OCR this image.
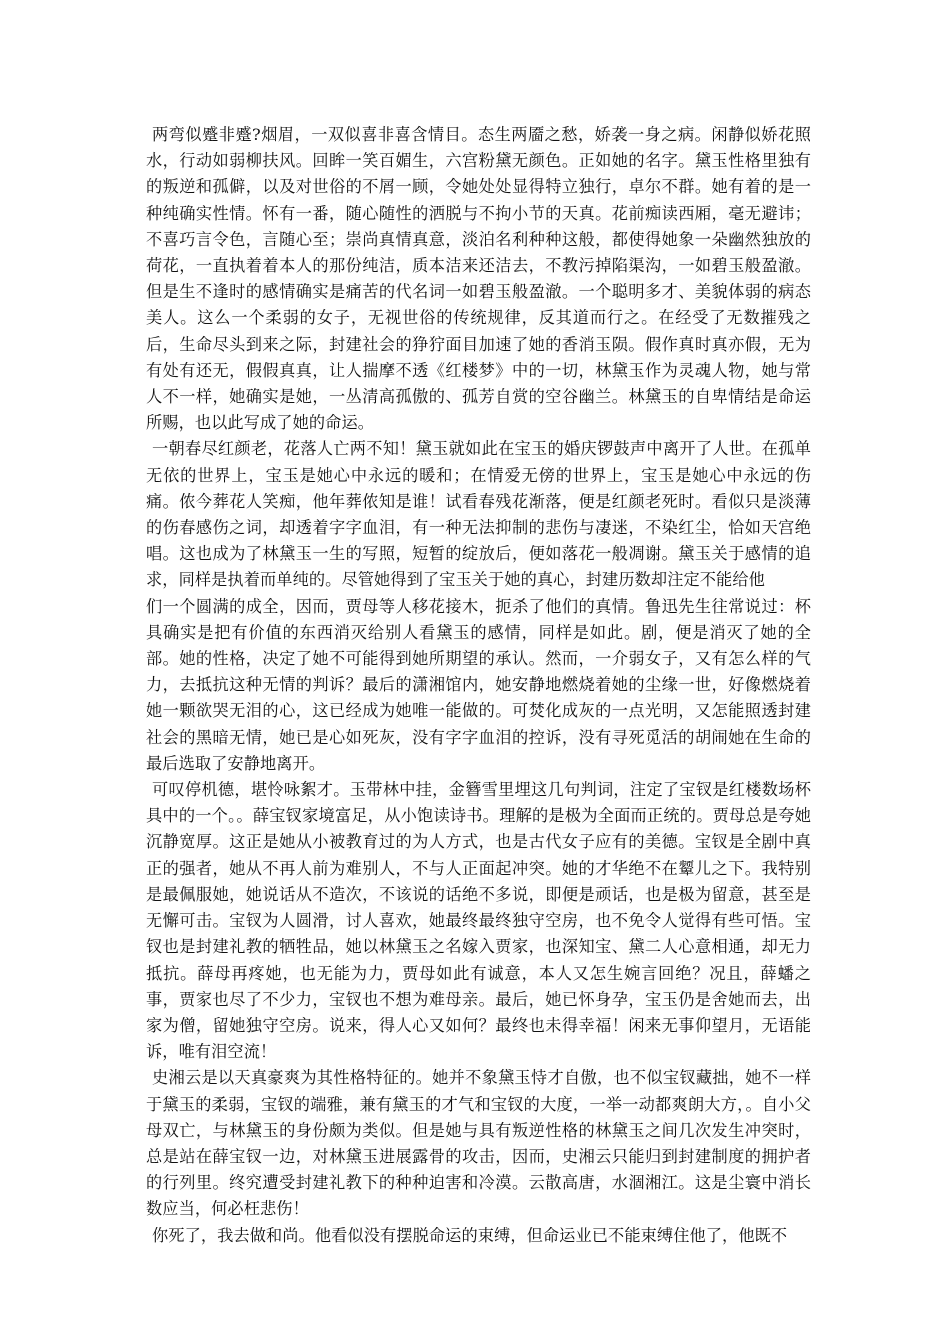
两弯似蹙非蹙?烟眉，一双似喜非喜含情目。态生两靥之愁，娇袭一身之病。闲静似娇花照水，行动如弱柳扶风。回眸一笑百媚生，六宫粉黛无颜色。正如她的名字。黛玉性格里独有的叛逆和孤僻，以及对世俗的不屑一顾，令她处处显得特立独行，卓尔不群。她有着的是一种纯确实性情。怀有一番，随心随性的洒脱与不拘小节的天真。花前痴读西厢，毫无避讳；不喜巧言令色，言随心至；崇尚真情真意，淡泊名利种种这般，都使得她象一朵幽然独放的荷花，一直执着着本人的那份纯洁，质本洁来还洁去，不教污掉陷渠沟，一如碧玉般盈澈。但是生不逢时的感情确实是痛苦的代名词一如碧玉般盈澈。一个聪明多才、美貌体弱的病态美人。这么一个柔弱的女子，无视世俗的传统规律，反其道而行之。在经受了无数摧残之后，生命尽头到来之际，封建社会的狰狞面目加速了她的香消玉陨。假作真时真亦假，无为有处有还无，假假真真，让人揣摩不透《红楼梦》中的一切，林黛玉作为灵魂人物，她与常人不一样，她确实是她，一丛清高孤傲的、孤芳自赏的空谷幽兰。林黛玉的自卑情结是命运所赐，也以此写成了她的命运。

一朝春尽红颜老，花落人亡两不知！黛玉就如此在宝玉的婚庆锣鼓声中离开了人世。在孤单无依的世界上，宝玉是她心中永远的暖和；在情爱无傍的世界上，宝玉是她心中永远的伤痛。侬今葬花人笑痴，他年葬侬知是谁！试看春残花渐落，便是红颜老死时。看似只是淡薄的伤春感伤之词，却透着字字血泪，有一种无法抑制的悲伤与凄迷，不染红尘，恰如天宫绝唱。这也成为了林黛玉一生的写照，短暂的绽放后，便如落花一般凋谢。黛玉关于感情的追求，同样是执着而单纯的。尽管她得到了宝玉关于她的真心，封建历数却注定不能给他

们一个圆满的成全，因而，贾母等人移花接木，扼杀了他们的真情。鲁迅先生往常说过：杯具确实是把有价值的东西消灭给别人看黛玉的感情，同样是如此。剧，便是消灭了她的全部。她的性格，决定了她不可能得到她所期望的承认。然而，一介弱女子，又有怎么样的气力，去抵抗这种无情的判诉？最后的潇湘馆内，她安静地燃烧着她的尘缘一世，好像燃烧着她一颗欲哭无泪的心，这已经成为她唯一能做的。可焚化成灰的一点光明，又怎能照透封建社会的黑暗无情，她已是心如死灰，没有字字血泪的控诉，没有寻死觅活的胡闹她在生命的最后选取了安静地离开。

可叹停机德，堪怜咏絮才。玉带林中挂，金簪雪里埋这几句判词，注定了宝钗是红楼数场杯具中的一个。。薛宝钗家境富足，从小饱读诗书。理解的是极为全面而正统的。贾母总是夸她沉静宽厚。这正是她从小被教育过的为人方式，也是古代女子应有的美德。宝钗是全剧中真正的强者，她从不再人前为难别人，不与人正面起冲突。她的才华绝不在颦儿之下。我特别是最佩服她，她说话从不造次，不该说的话绝不多说，即便是顽话，也是极为留意，甚至是无懈可击。宝钗为人圆滑，讨人喜欢，她最终最终独守空房，也不免令人觉得有些可悟。宝钗也是封建礼教的牺牲品，她以林黛玉之名嫁入贾家，也深知宝、黛二人心意相通，却无力抵抗。薛母再疼她，也无能为力，贾母如此有诚意，本人又怎生婉言回绝？况且，薛蟠之事，贾家也尽了不少力，宝钗也不想为难母亲。最后，她已怀身孕，宝玉仍是舍她而去，出家为僧，留她独守空房。说来，得人心又如何？最终也未得幸福！闲来无事仰望月，无语能诉，唯有泪空流！

史湘云是以天真豪爽为其性格特征的。她并不象黛玉恃才自傲，也不似宝钗藏拙，她不一样于黛玉的柔弱，宝钗的端雅，兼有黛玉的才气和宝钗的大度，一举一动都爽朗大方，。自小父母双亡，与林黛玉的身份颇为类似。但是她与具有叛逆性格的林黛玉之间几次发生冲突时，总是站在薛宝钗一边，对林黛玉进展露骨的攻击，因而，史湘云只能归到封建制度的拥护者的行列里。终究遭受封建礼教下的种种迫害和冷漠。云散高唐，水涸湘江。这是尘寰中消长数应当，何必枉悲伤！

你死了，我去做和尚。他看似没有摆脱命运的束缚，但命运业已不能束缚住他了，他既不
